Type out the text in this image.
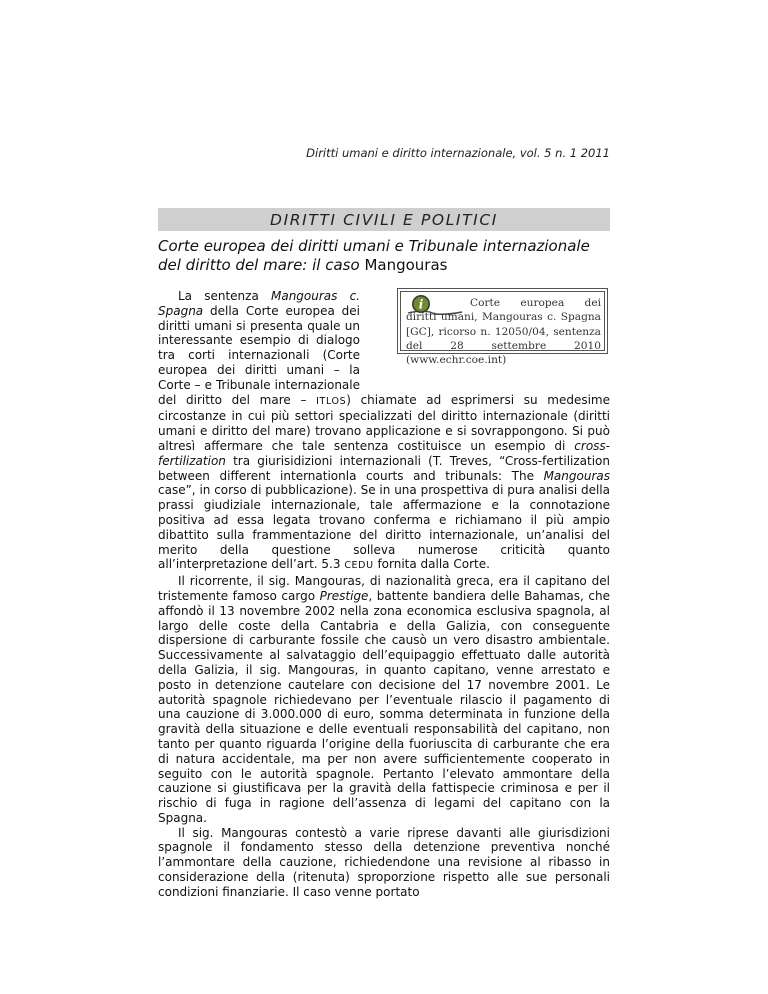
Diritti umani e diritto internazionale, vol. 5 n. 1 2011
DIRITTI CIVILI E POLITICI
Corte europea dei diritti umani e Tribunale internazionale del diritto del mare: il caso Mangouras
i	Corte europea dei diritti umani, Mangouras c. Spagna [GC], ricorso n. 12050/04, sentenza del 28 settembre 2010 (www.echr.coe.int)

La sentenza Mangouras c. Spagna della Corte europea dei diritti umani si presenta quale un interessante esempio di dialogo tra corti internazionali (Corte europea dei diritti umani – la Corte – e Tribunale internazionale del diritto del mare – ITLOS) chiamate ad esprimersi su medesime circostanze in cui più settori specializzati del diritto internazionale (diritti umani e diritto del mare) trovano applicazione e si sovrappongono. Si può altresì affermare che tale sentenza costituisce un esempio di cross-fertilization tra giurisidizioni internazionali (T. Treves, “Cross-fertilization between different internationla courts and tribunals: The Mangouras case”, in corso di pubblicazione). Se in una prospettiva di pura analisi della prassi giudiziale internazionale, tale affermazione e la connotazione positiva ad essa legata trovano conferma e richiamano il più ampio dibattito sulla frammentazione del diritto internazionale, un’analisi del merito della questione solleva numerose criticità quanto all’interpretazione dell’art. 5.3 CEDU fornita dalla Corte.

Il ricorrente, il sig. Mangouras, di nazionalità greca, era il capitano del tristemente famoso cargo Prestige, battente bandiera delle Bahamas, che affondò il 13 novembre 2002 nella zona economica esclusiva spagnola, al largo delle coste della Cantabria e della Galizia, con conseguente dispersione di carburante fossile che causò un vero disastro ambientale. Successivamente al salvataggio dell’equipaggio effettuato dalle autorità della Galizia, il sig. Mangouras, in quanto capitano, venne arrestato e posto in detenzione cautelare con decisione del 17 novembre 2001. Le autorità spagnole richiedevano per l’eventuale rilascio il pagamento di una cauzione di 3.000.000 di euro, somma determinata in funzione della gravità della situazione e delle eventuali responsabilità del capitano, non tanto per quanto riguarda l’origine della fuoriuscita di carburante che era di natura accidentale, ma per non avere sufficientemente cooperato in seguito con le autorità spagnole. Pertanto l’elevato ammontare della cauzione si giustificava per la gravità della fattispecie criminosa e per il rischio di fuga in ragione dell’assenza di legami del capitano con la Spagna.

Il sig. Mangouras contestò a varie riprese davanti alle giurisdizioni spagnole il fondamento stesso della detenzione preventiva nonché l’ammontare della cauzione, richiedendone una revisione al ribasso in considerazione della (ritenuta) sproporzione rispetto alle sue personali condizioni finanziarie. Il caso venne portato
